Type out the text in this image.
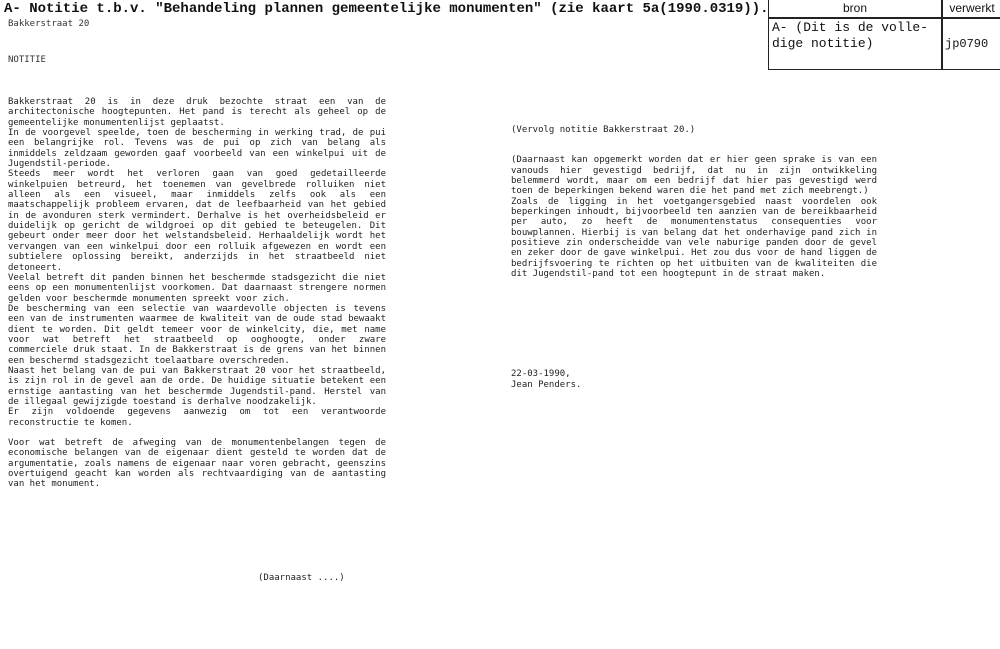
A- Notitie t.b.v. "Behandeling plannen gemeentelijke monumenten" (zie kaart 5a(1990.0319)).
Bakkerstraat 20
NOTITIE
bron	verwerkt
A- (Dit is de volle-dige notitie)	jp0790

Bakkerstraat 20 is in deze druk bezochte straat een van de architectonische hoogtepunten. Het pand is terecht als geheel op de gemeentelijke monumentenlijst geplaatst.

In de voorgevel speelde, toen de bescherming in werking trad, de pui een belangrijke rol. Tevens was de pui op zich van belang als inmiddels zeldzaam geworden gaaf voorbeeld van een winkelpui uit de Jugendstil-periode.

Steeds meer wordt het verloren gaan van goed gedetailleerde winkelpuien betreurd, het toenemen van gevelbrede rolluiken niet alleen als een visueel, maar inmiddels zelfs ook als een maatschappelijk probleem ervaren, dat de leefbaarheid van het gebied in de avonduren sterk vermindert. Derhalve is het overheidsbeleid er duidelijk op gericht de wildgroei op dit gebied te beteugelen. Dit gebeurt onder meer door het welstandsbeleid. Herhaaldelijk wordt het vervangen van een winkelpui door een rolluik afgewezen en wordt een subtielere oplossing bereikt, anderzijds in het straatbeeld niet detoneert.

Veelal betreft dit panden binnen het beschermde stadsgezicht die niet eens op een monumentenlijst voorkomen. Dat daarnaast strengere normen gelden voor beschermde monumenten spreekt voor zich.

De bescherming van een selectie van waardevolle objecten is tevens een van de instrumenten waarmee de kwaliteit van de oude stad bewaakt dient te worden. Dit geldt temeer voor de winkelcity, die, met name voor wat betreft het straatbeeld op ooghoogte, onder zware commerciele druk staat. In de Bakkerstraat is de grens van het binnen een beschermd stadsgezicht toelaatbare overschreden.

Naast het belang van de pui van Bakkerstraat 20 voor het straatbeeld, is zijn rol in de gevel aan de orde. De huidige situatie betekent een ernstige aantasting van het beschermde Jugendstil-pand. Herstel van de illegaal gewijzigde toestand is derhalve noodzakelijk.

Er zijn voldoende gegevens aanwezig om tot een verantwoorde reconstructie te komen.

Voor wat betreft de afweging van de monumentenbelangen tegen de economische belangen van de eigenaar dient gesteld te worden dat de argumentatie, zoals namens de eigenaar naar voren gebracht, geenszins overtuigend geacht kan worden als rechtvaardiging van de aantasting van het monument.

(Daarnaast ....)

(Vervolg notitie Bakkerstraat 20.)

(Daarnaast kan opgemerkt worden dat er hier geen sprake is van een vanouds hier gevestigd bedrijf, dat nu in zijn ontwikkeling belemmerd wordt, maar om een bedrijf dat hier pas gevestigd werd toen de beperkingen bekend waren die het pand met zich meebrengt.)

Zoals de ligging in het voetgangersgebied naast voordelen ook beperkingen inhoudt, bijvoorbeeld ten aanzien van de bereikbaarheid per auto, zo heeft de monumentenstatus consequenties voor bouwplannen. Hierbij is van belang dat het onderhavige pand zich in positieve zin onderscheidde van vele naburige panden door de gevel en zeker door de gave winkelpui. Het zou dus voor de hand liggen de bedrijfsvoering te richten op het uitbuiten van de kwaliteiten die dit Jugendstil-pand tot een hoogtepunt in de straat maken.

22-03-1990,
Jean Penders.
